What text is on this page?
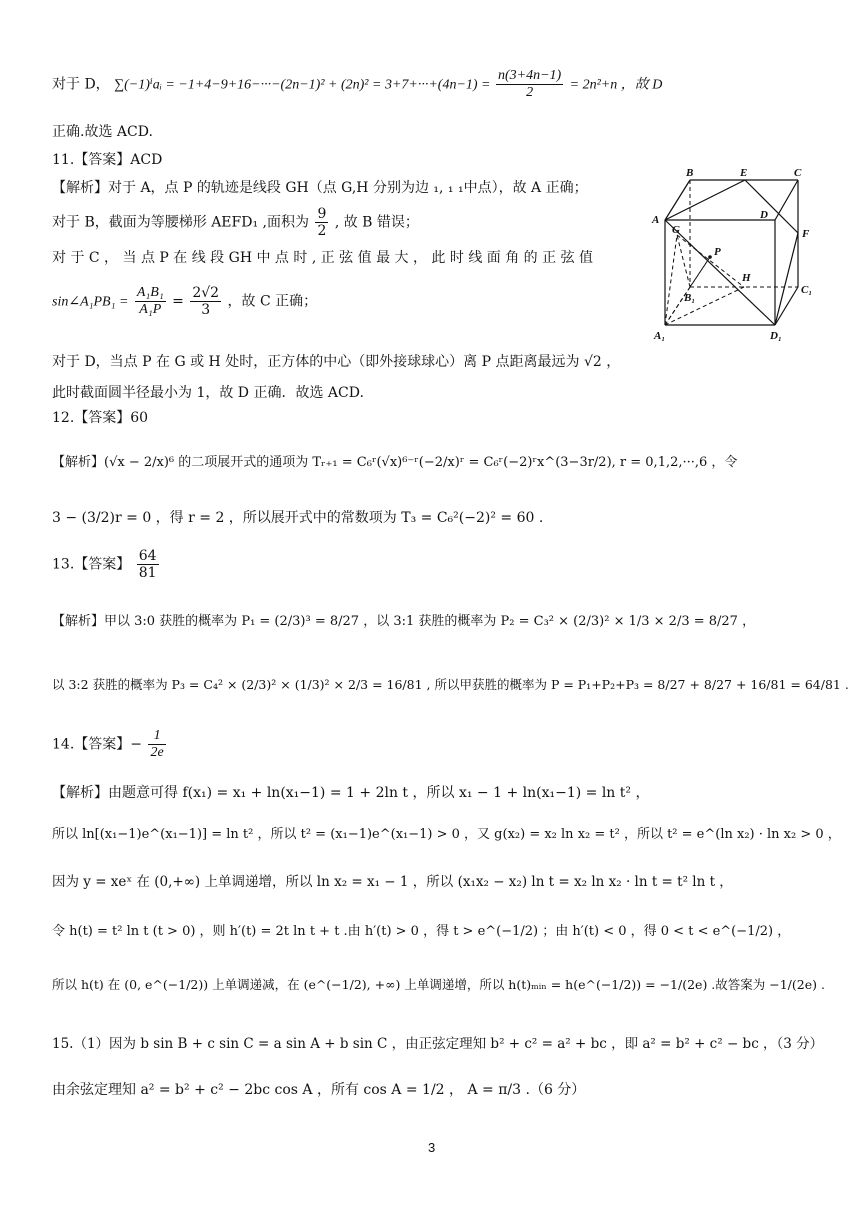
对于 D， ∑(−1)ⁱaᵢ = $-1+4-9+16-\cdot\cdot\cdot-(2n-1)^2 + (2n)^2 = 3+7+\cdot\cdot\cdot+(4n-1) = \frac{n(3+4n-1)}{2} = 2n^2+n$ ，故 D
正确.故选 ACD.
11.【答案】ACD
【解析】对于 A，点 P 的轨迹是线段 GH（点 G,H 分别为边 ₁, ₁ ₁中点），故 A 正确；
对于 B，截面为等腰梯形 AEFD₁ ,面积为 $\frac{9}{2}$ , 故 B 错误；
对 于 C ， 当 点 P 在 线 段 GH 中 点 时 , 正 弦 值 最 大 ， 此 时 线 面 角 的 正 弦 值
sin∠A₁PB₁ = $\frac{\text{A₁B₁}}{\text{A₁P}} = \frac{2√2}{3}$ ，故 C 正确；
对于 D，当点 P 在 G 或 H 处时，正方体的中心（即外接球球心）离 P 点距离最远为 √2 ，
此时截面圆半径最小为 1，故 D 正确．故选 ACD.
B	E	C
A	D
G	F
P
H
B₁
C₁
A₁	D₁
12.【答案】60
【解析】(√x − 2/x)⁶ 的二项展开式的通项为 Tᵣ₊₁ = C₆ʳ(√x)⁶⁻ʳ(−2/x)ʳ = C₆ʳ(−2)ʳx^(3−3r/2), r = 0,1,2,···,6 ，令
3 − (3/2)r = 0 ，得 r = 2 ，所以展开式中的常数项为 T₃ = C₆²(−2)² = 60 .
13.【答案】 $\frac{64}{81}$
【解析】甲以 3:0 获胜的概率为 P₁ = (2/3)³ = 8/27 ，以 3:1 获胜的概率为 P₂ = C₃² × (2/3)² × 1/3 × 2/3 = 8/27 ，
以 3:2 获胜的概率为 P₃ = C₄² × (2/3)² × (1/3)² × 2/3 = 16/81 , 所以甲获胜的概率为 P = P₁+P₂+P₃ = 8/27 + 8/27 + 16/81 = 64/81 .
14.【答案】− $\frac{1}{2e}$
【解析】由题意可得 f(x₁) = x₁ + ln(x₁−1) = 1 + 2ln t ，所以 x₁ − 1 + ln(x₁−1) = ln t² ，
所以 ln[(x₁−1)e^(x₁−1)] = ln t² ，所以 t² = (x₁−1)e^(x₁−1) > 0 ，又 g(x₂) = x₂ ln x₂ = t² ，所以 t² = e^(ln x₂) · ln x₂ > 0 ，
因为 y = xeˣ 在 (0,+∞) 上单调递增，所以 ln x₂ = x₁ − 1 ，所以 (x₁x₂ − x₂) ln t = x₂ ln x₂ · ln t = t² ln t ，
令 h(t) = t² ln t (t > 0) ，则 h′(t) = 2t ln t + t .由 h′(t) > 0 ，得 t > e^(−1/2) ；由 h′(t) < 0 ，得 0 < t < e^(−1/2) ，
所以 h(t) 在 (0, e^(−1/2)) 上单调递减，在 (e^(−1/2), +∞) 上单调递增，所以 h(t)ₘᵢₙ = h(e^(−1/2)) = −1/(2e) .故答案为 −1/(2e) .
15.（1）因为 b sin B + c sin C = a sin A + b sin C ，由正弦定理知 b² + c² = a² + bc ，即 a² = b² + c² − bc ，（3 分）
由余弦定理知 a² = b² + c² − 2bc cos A ，所有 cos A = 1/2 ， A = π/3 .（6 分）
3
